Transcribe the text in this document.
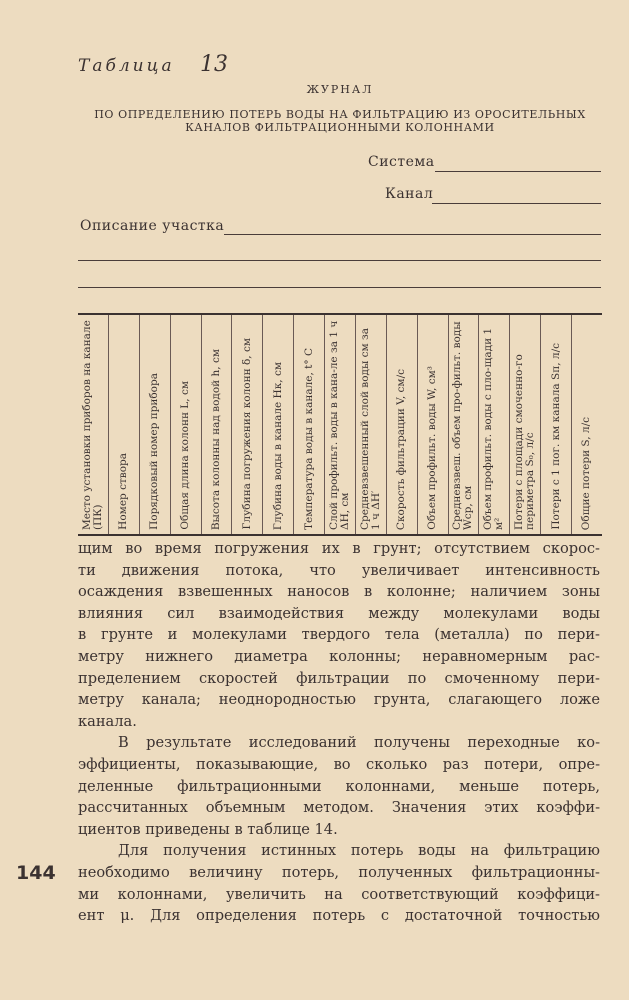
Таблица 13
ЖУРНАЛ
ПО ОПРЕДЕЛЕНИЮ ПОТЕРЬ ВОДЫ НА ФИЛЬТРАЦИЮ ИЗ ОРОСИТЕЛЬНЫХ
КАНАЛОВ ФИЛЬТРАЦИОННЫМИ КОЛОННАМИ
Система
Канал
Описание участка
Место установки приборов на канале (ПК) Номер створа Порядковый номер прибора Общая длина колонн L, см Высота колонны над водой h, см Глубина погружения колонн δ, см Глубина воды в канале Hк, см Температура воды в канале, t° C Слой профильт. воды в кана-ле за 1 ч ΔН, см Средневзвешенный слой воды см за 1 ч ΔН′ Скорость фильтрации V, см/с Объем профильт. воды W, см³ Средневзвеш. объем про-фильт. воды Wср, см Объем профильт. воды с пло-щади 1 м² Потери с площади смоченно-го периметра S₀, л/с Потери с 1 пог. км канала Sп, л/с Общие потери S, л/с
щим во время погружения их в грунт; отсутствием скорос-
ти движения потока, что увеличивает интенсивность
осаждения взвешенных наносов в колонне; наличием зоны
влияния сил взаимодействия между молекулами воды
в грунте и молекулами твердого тела (металла) по пери-
метру нижнего диаметра колонны; неравномерным рас-
пределением скоростей фильтрации по смоченному пери-
метру канала; неоднородностью грунта, слагающего ложе
канала.
В результате исследований получены переходные ко-
эффициенты, показывающие, во сколько раз потери, опре-
деленные фильтрационными колоннами, меньше потерь,
рассчитанных объемным методом. Значения этих коэффи-
циентов приведены в таблице 14.
Для получения истинных потерь воды на фильтрацию
необходимо величину потерь, полученных фильтрационны-
ми колоннами, увеличить на соответствующий коэффици-
ент μ. Для определения потерь с достаточной точностью
144
